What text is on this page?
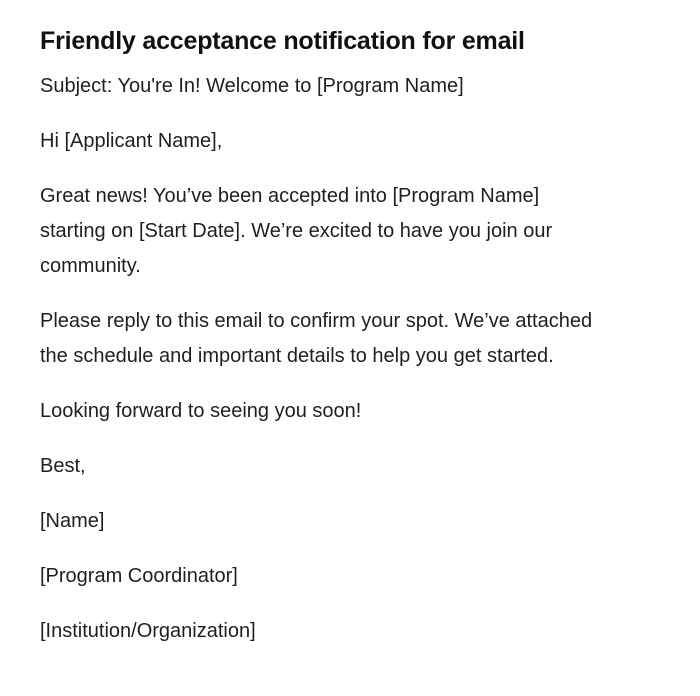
Friendly acceptance notification for email

Subject: You're In! Welcome to [Program Name]

Hi [Applicant Name],

Great news! You’ve been accepted into [Program Name]
starting on [Start Date]. We’re excited to have you join our
community.

Please reply to this email to confirm your spot. We’ve attached
the schedule and important details to help you get started.

Looking forward to seeing you soon!

Best,

[Name]

[Program Coordinator]

[Institution/Organization]
